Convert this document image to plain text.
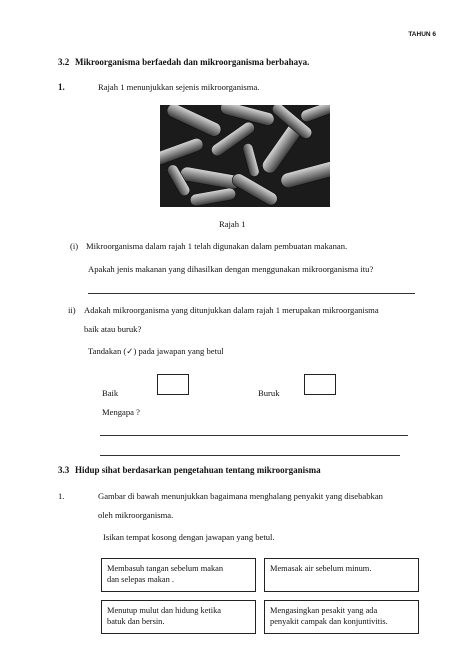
TAHUN 6
3.2 Mikroorganisma berfaedah dan mikroorganisma berbahaya.
1.	Rajah 1 menunjukkan sejenis mikroorganisma.
Rajah 1
(i) Mikroorganisma dalam rajah 1 telah digunakan dalam pembuatan makanan.
Apakah jenis makanan yang dihasilkan dengan menggunakan mikroorganisma itu?
ii) Adakah mikroorganisma yang ditunjukkan dalam rajah 1 merupakan mikroorganisma
baik atau buruk?
Tandakan (✓) pada jawapan yang betul
Baik	Buruk
Mengapa ?
3.3 Hidup sihat berdasarkan pengetahuan tentang mikroorganisma
1.	Gambar di bawah menunjukkan bagaimana menghalang penyakit yang disebabkan
oleh mikroorganisma.
Isikan tempat kosong dengan jawapan yang betul.
Membasuh tangan sebelum makan
dan selepas makan .
Memasak air sebelum minum.
Menutup mulut dan hidung ketika
batuk dan bersin.
Mengasingkan pesakit yang ada
penyakit campak dan konjuntivitis.
